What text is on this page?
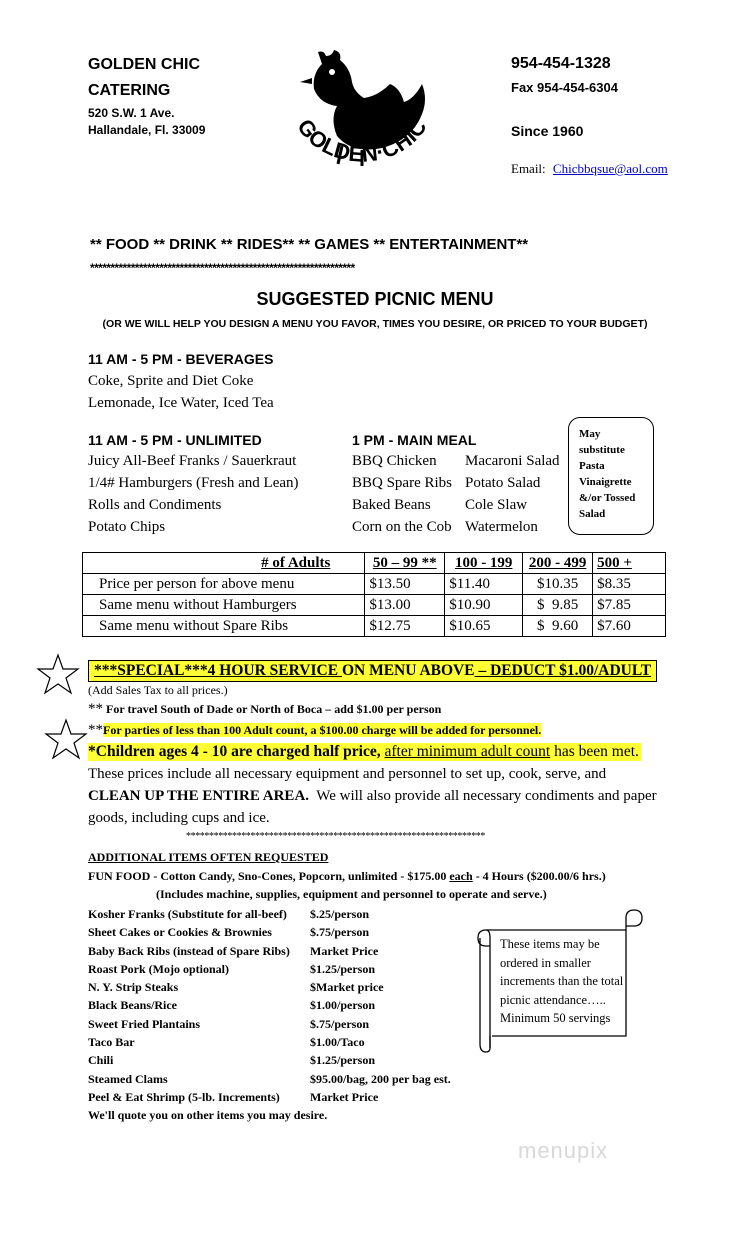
GOLDEN CHIC
CATERING
520 S.W. 1 Ave.
Hallandale, Fl. 33009	GOLDEN·CHIC
954-454-1328
Fax 954-454-6304
Since 1960
Email: Chicbbqsue@aol.com
** FOOD ** DRINK ** RIDES** ** GAMES ** ENTERTAINMENT**
*****************************************************************
SUGGESTED PICNIC MENU
(OR WE WILL HELP YOU DESIGN A MENU YOU FAVOR, TIMES YOU DESIRE, OR PRICED TO YOUR BUDGET)
11 AM - 5 PM - BEVERAGES
Coke, Sprite and Diet Coke
Lemonade, Ice Water, Iced Tea
11 AM - 5 PM - UNLIMITED
Juicy All-Beef Franks / Sauerkraut
1/4# Hamburgers (Fresh and Lean)
Rolls and Condiments
Potato Chips
1 PM - MAIN MEAL
BBQ Chicken
BBQ Spare Ribs
Baked Beans
Corn on the Cob
Macaroni Salad
Potato Salad
Cole Slaw
Watermelon
May
substitute
Pasta
Vinaigrette
&/or Tossed
Salad
# of Adults	50 – 99 **	100 - 199	200 - 499	500 +
Price per person for above menu	$13.50	$11.40	$10.35	$8.35
Same menu without Hamburgers	$13.00	$10.90	$  9.85	$7.85
Same menu without Spare Ribs	$12.75	$10.65	$  9.60	$7.60
***SPECIAL***4 HOUR SERVICE ON MENU ABOVE – DEDUCT $1.00/ADULT
(Add Sales Tax to all prices.)
** For travel South of Dade or North of Boca – add $1.00 per person
**For parties of less than 100 Adult count, a $100.00 charge will be added for personnel.
*Children ages 4 - 10 are charged half price, after minimum adult count has been met.
These prices include all necessary equipment and personnel to set up, cook, serve, and
CLEAN UP THE ENTIRE AREA.  We will also provide all necessary condiments and paper
goods, including cups and ice.
*****************************************************************
ADDITIONAL ITEMS OFTEN REQUESTED
FUN FOOD - Cotton Candy, Sno-Cones, Popcorn, unlimited - $175.00 each - 4 Hours ($200.00/6 hrs.)
(Includes machine, supplies, equipment and personnel to operate and serve.)
Kosher Franks (Substitute for all-beef) $.25/person
Sheet Cakes or Cookies & Brownies	$.75/person
Baby Back Ribs (instead of Spare Ribs) Market Price
Roast Pork (Mojo optional)	$1.25/person
N. Y. Strip Steaks	$Market price
Black Beans/Rice	$1.00/person
Sweet Fried Plantains	$.75/person
Taco Bar	$1.00/Taco
Chili	$1.25/person
Steamed Clams	$95.00/bag, 200 per bag est.
Peel & Eat Shrimp (5-lb. Increments)	Market Price
We'll quote you on other items you may desire.
These items may be
ordered in smaller
increments than the total
picnic attendance…..
Minimum 50 servings
menupix
